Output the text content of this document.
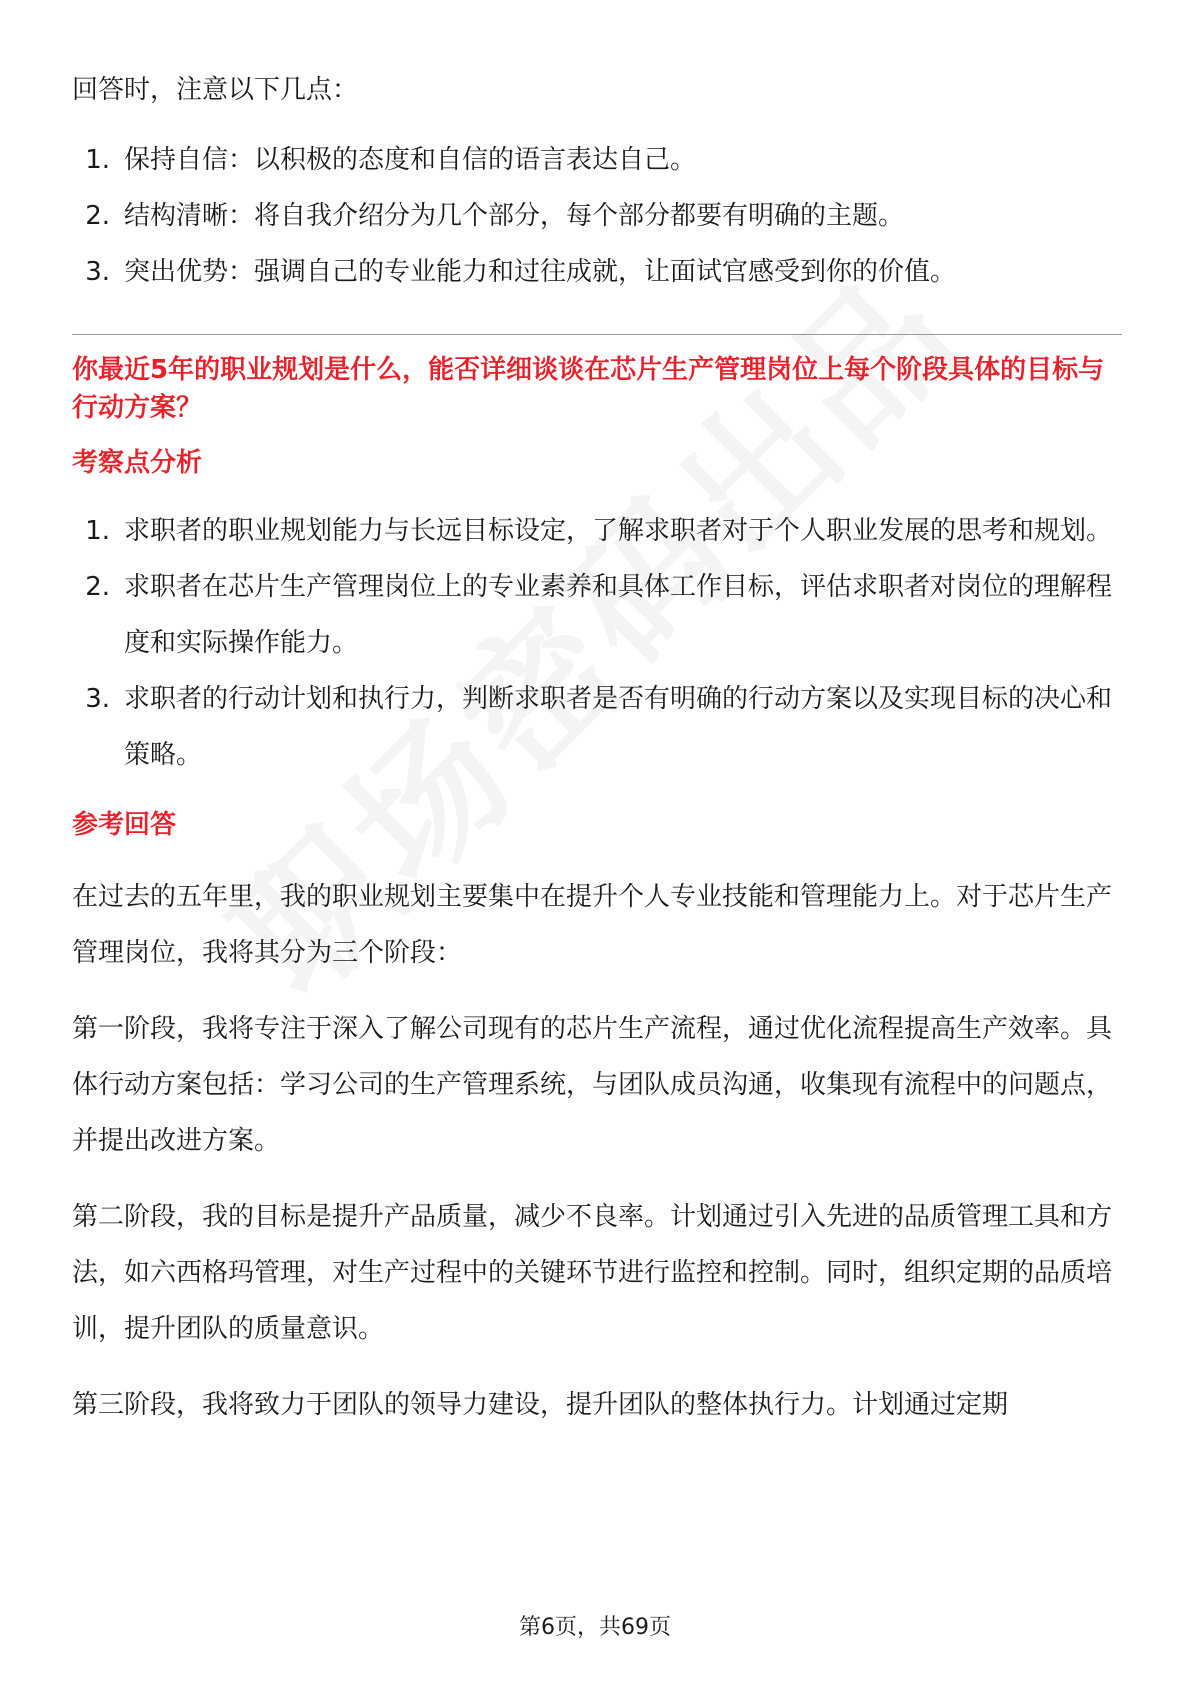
回答时，注意以下几点：

1. 保持自信：以积极的态度和自信的语言表达自己。
2. 结构清晰：将自我介绍分为几个部分，每个部分都要有明确的主题。
3. 突出优势：强调自己的专业能力和过往成就，让面试官感受到你的价值。

你最近5年的职业规划是什么，能否详细谈谈在芯片生产管理岗位上每个阶段具体的目标与行动方案？

考察点分析
1. 求职者的职业规划能力与长远目标设定，了解求职者对于个人职业发展的思考和规划。
2. 求职者在芯片生产管理岗位上的专业素养和具体工作目标，评估求职者对岗位的理解程度和实际操作能力。
3. 求职者的行动计划和执行力，判断求职者是否有明确的行动方案以及实现目标的决心和策略。
参考回答

在过去的五年里，我的职业规划主要集中在提升个人专业技能和管理能力上。对于芯片生产管理岗位，我将其分为三个阶段：

第一阶段，我将专注于深入了解公司现有的芯片生产流程，通过优化流程提高生产效率。具体行动方案包括：学习公司的生产管理系统，与团队成员沟通，收集现有流程中的问题点，并提出改进方案。

第二阶段，我的目标是提升产品质量，减少不良率。计划通过引入先进的品质管理工具和方法，如六西格玛管理，对生产过程中的关键环节进行监控和控制。同时，组织定期的品质培训，提升团队的质量意识。

第三阶段，我将致力于团队的领导力建设，提升团队的整体执行力。计划通过定期

第6页，共69页
